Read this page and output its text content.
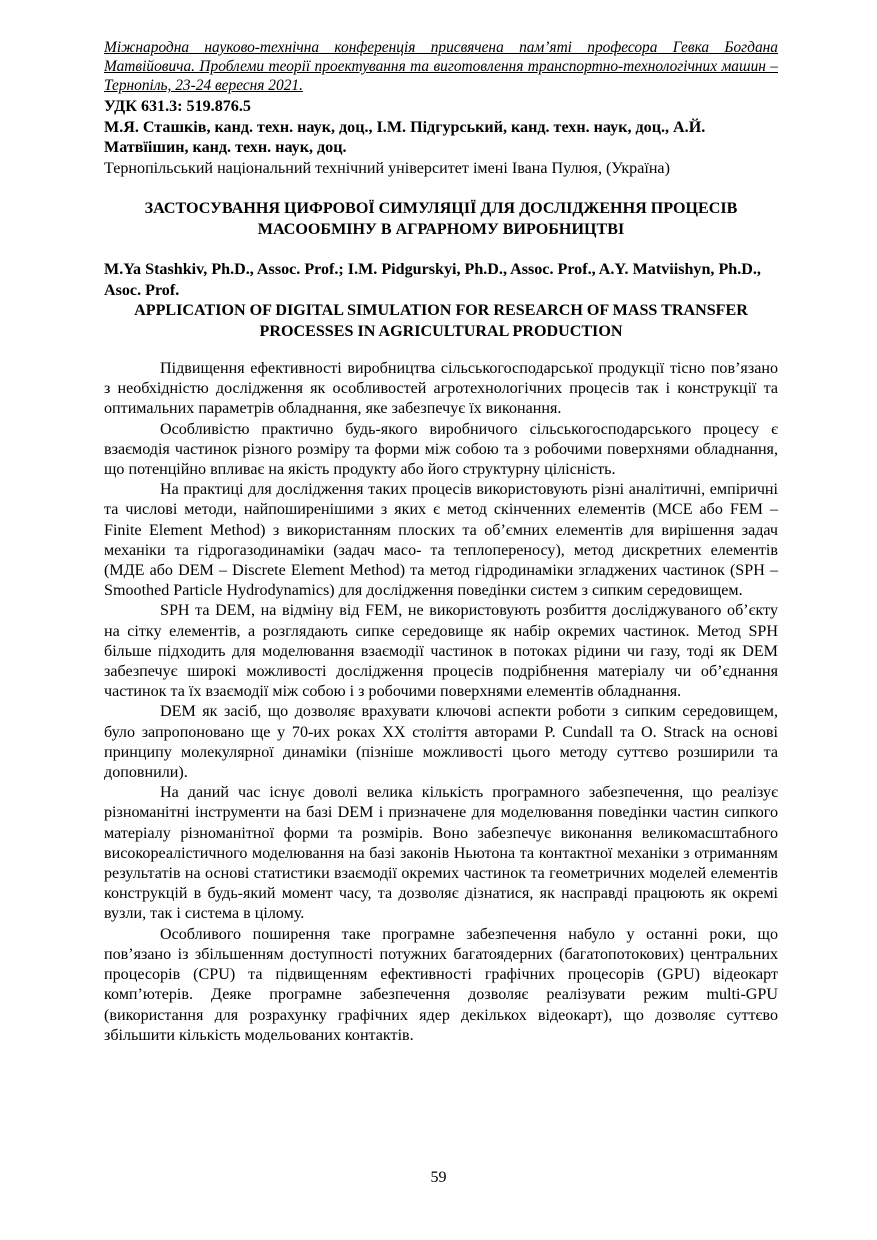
Міжнародна науково-технічна конференція присвячена пам’яті професора Гевка Богдана Матвійовича. Проблеми теорії проектування та виготовлення транспортно-технологічних машин – Тернопіль, 23-24 вересня 2021.

УДК 631.3: 519.876.5

М.Я. Сташків, канд. техн. наук, доц., І.М. Підгурський, канд. техн. наук, доц., А.Й. Матвїішин, канд. техн. наук, доц.

Тернопільський національний технічний університет імені Івана Пулюя, (Україна)

ЗАСТОСУВАННЯ ЦИФРОВОЇ СИМУЛЯЦІЇ ДЛЯ ДОСЛІДЖЕННЯ ПРОЦЕСІВ МАСООБМІНУ В АГРАРНОМУ ВИРОБНИЦТВІ

M.Ya Stashkiv, Ph.D., Assoc. Prof.; I.M. Pidgurskyi, Ph.D., Assoc. Prof., A.Y. Matviishyn, Ph.D., Asoc. Prof.

APPLICATION OF DIGITAL SIMULATION FOR RESEARCH OF MASS TRANSFER PROCESSES IN AGRICULTURAL PRODUCTION

Підвищення ефективності виробництва сільськогосподарської продукції тісно пов’язано з необхідністю дослідження як особливостей агротехнологічних процесів так і конструкції та оптимальних параметрів обладнання, яке забезпечує їх виконання.

Особливістю практично будь-якого виробничого сільськогосподарського процесу є взаємодія частинок різного розміру та форми між собою та з робочими поверхнями обладнання, що потенційно впливає на якість продукту або його структурну цілісність.

На практиці для дослідження таких процесів використовують різні аналітичні, емпіричні та числові методи, найпоширенішими з яких є метод скінченних елементів (МСЕ або FEM – Finite Element Method) з використанням плоских та об’ємних елементів для вирішення задач механіки та гідрогазодинаміки (задач масо- та теплопереносу), метод дискретних елементів (МДЕ або DEM – Discrete Element Method) та метод гідродинаміки згладжених частинок (SPH – Smoothed Particle Hydrodynamics) для дослідження поведінки систем з сипким середовищем.

SPH та DEM, на відміну від FEM, не використовують розбиття досліджуваного об’єкту на сітку елементів, а розглядають сипке середовище як набір окремих частинок. Метод SPH більше підходить для моделювання взаємодії частинок в потоках рідини чи газу, тоді як DEM забезпечує широкі можливості дослідження процесів подрібнення матеріалу чи об’єднання частинок та їх взаємодії між собою і з робочими поверхнями елементів обладнання.

DEM як засіб, що дозволяє врахувати ключові аспекти роботи з сипким середовищем, було запропоновано ще у 70-их роках ХХ століття авторами P. Cundall та O. Strack на основі принципу молекулярної динаміки (пізніше можливості цього методу суттєво розширили та доповнили).

На даний час існує доволі велика кількість програмного забезпечення, що реалізує різноманітні інструменти на базі DEM і призначене для моделювання поведінки частин сипкого матеріалу різноманітної форми та розмірів. Воно забезпечує виконання великомасштабного високореалістичного моделювання на базі законів Ньютона та контактної механіки з отриманням результатів на основі статистики взаємодії окремих частинок та геометричних моделей елементів конструкцій в будь-який момент часу, та дозволяє дізнатися, як насправді працюють як окремі вузли, так і система в цілому.

Особливого поширення таке програмне забезпечення набуло у останні роки, що пов’язано із збільшенням доступності потужних багатоядерних (багатопотокових) центральних процесорів (CPU) та підвищенням ефективності графічних процесорів (GPU) відеокарт комп’ютерів. Деяке програмне забезпечення дозволяє реалізувати режим multi-GPU (використання для розрахунку графічних ядер декількох відеокарт), що дозволяє суттєво збільшити кількість модельованих контактів.

59
